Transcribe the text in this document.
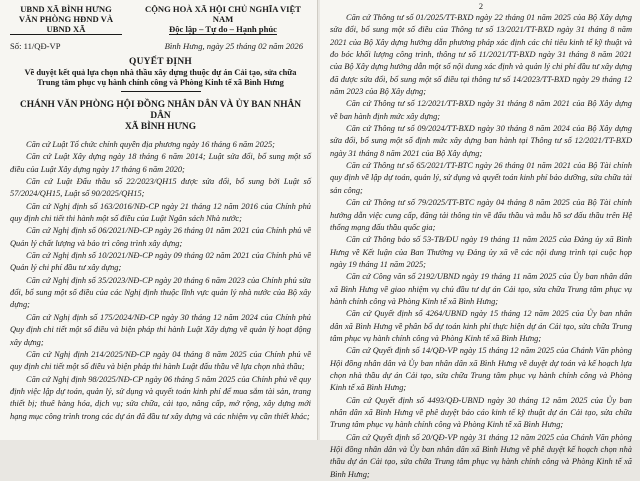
UBND XÃ BÌNH HƯNG
VĂN PHÒNG HĐND VÀ UBND XÃ
CỘNG HOÀ XÃ HỘI CHỦ NGHĨA VIỆT NAM
Độc lập – Tự do – Hạnh phúc
Số: 11/QĐ-VP	Bình Hưng, ngày 25 tháng 02 năm 2026
QUYẾT ĐỊNH
Về duyệt kết quả lựa chọn nhà thầu xây dựng thuộc dự án Cải tạo, sửa chữa
Trung tâm phục vụ hành chính công và Phòng Kinh tế xã Bình Hưng
CHÁNH VĂN PHÒNG HỘI ĐỒNG NHÂN DÂN VÀ ỦY BAN NHÂN DÂN
XÃ BÌNH HƯNG

Căn cứ Luật Tổ chức chính quyền địa phương ngày 16 tháng 6 năm 2025;

Căn cứ Luật Xây dựng ngày 18 tháng 6 năm 2014; Luật sửa đổi, bổ sung một số điều của Luật Xây dựng ngày 17 tháng 6 năm 2020;

Căn cứ Luật Đấu thầu số 22/2023/QH15 được sửa đổi, bổ sung bởi Luật số 57/2024/QH15, Luật số 90/2025/QH15;

Căn cứ Nghị định số 163/2016/NĐ-CP ngày 21 tháng 12 năm 2016 của Chính phủ quy định chi tiết thi hành một số điều của Luật Ngân sách Nhà nước;

Căn cứ Nghị định số 06/2021/NĐ-CP ngày 26 tháng 01 năm 2021 của Chính phủ về Quản lý chất lượng và bảo trì công trình xây dựng;

Căn cứ Nghị định số 10/2021/NĐ-CP ngày 09 tháng 02 năm 2021 của Chính phủ về Quản lý chi phí đầu tư xây dựng;

Căn cứ Nghị định số 35/2023/NĐ-CP ngày 20 tháng 6 năm 2023 của Chính phủ sửa đổi, bổ sung một số điều của các Nghị định thuộc lĩnh vực quản lý nhà nước của Bộ xây dựng;

Căn cứ Nghị định số 175/2024/NĐ-CP ngày 30 tháng 12 năm 2024 của Chính phủ Quy định chi tiết một số điều và biện pháp thi hành Luật Xây dựng về quản lý hoạt động xây dựng;

Căn cứ Nghị định 214/2025/NĐ-CP ngày 04 tháng 8 năm 2025 của Chính phủ về quy định chi tiết một số điều và biện pháp thi hành Luật đấu thầu về lựa chọn nhà thầu;

Căn cứ Nghị định 98/2025/NĐ-CP ngày 06 tháng 5 năm 2025 của Chính phủ về quy định việc lập dự toán, quản lý, sử dụng và quyết toán kinh phí để mua sắm tài sản, trang thiết bị; thuê hàng hóa, dịch vụ; sửa chữa, cải tạo, nâng cấp, mở rộng, xây dựng mới hạng mục công trình trong các dự án đã đầu tư xây dựng và các nhiệm vụ cần thiết khác;

2

Căn cứ Thông tư số 01/2025/TT-BXD ngày 22 tháng 01 năm 2025 của Bộ Xây dựng sửa đổi, bổ sung một số điều của Thông tư số 13/2021/TT-BXD ngày 31 tháng 8 năm 2021 của Bộ Xây dựng hướng dẫn phương pháp xác định các chỉ tiêu kinh tế kỹ thuật và đo bóc khối lượng công trình, thông tư số 11/2021/TT-BXD ngày 31 tháng 8 năm 2021 của Bộ Xây dựng hướng dẫn một số nội dung xác định và quản lý chi phí đầu tư xây dựng đã được sửa đổi, bổ sung một số điều tại thông tư số 14/2023/TT-BXD ngày 29 tháng 12 năm 2023 của Bộ Xây dựng;

Căn cứ Thông tư số 12/2021/TT-BXD ngày 31 tháng 8 năm 2021 của Bộ Xây dựng về ban hành định mức xây dựng;

Căn cứ Thông tư số 09/2024/TT-BXD ngày 30 tháng 8 năm 2024 của Bộ Xây dựng sửa đổi, bổ sung một số định mức xây dựng ban hành tại Thông tư số 12/2021/TT-BXD ngày 31 tháng 8 năm 2021 của Bộ Xây dựng;

Căn cứ Thông tư số 65/2021/TT-BTC ngày 26 tháng 01 năm 2021 của Bộ Tài chính quy định về lập dự toán, quản lý, sử dụng và quyết toán kinh phí bảo dưỡng, sửa chữa tài sản công;

Căn cứ Thông tư số 79/2025/TT-BTC ngày 04 tháng 8 năm 2025 của Bộ Tài chính hướng dẫn việc cung cấp, đăng tải thông tin về đấu thầu và mẫu hồ sơ đấu thầu trên Hệ thống mạng đấu thầu quốc gia;

Căn cứ Thông báo số 53-TB/ĐU ngày 19 tháng 11 năm 2025 của Đảng ủy xã Bình Hưng về Kết luận của Ban Thường vụ Đảng ủy xã về các nội dung trình tại cuộc họp ngày 19 tháng 11 năm 2025;

Căn cứ Công văn số 2192/UBND ngày 19 tháng 11 năm 2025 của Ủy ban nhân dân xã Bình Hưng về giao nhiệm vụ chủ đầu tư dự án Cải tạo, sửa chữa Trung tâm phục vụ hành chính công và Phòng Kinh tế xã Bình Hưng;

Căn cứ Quyết định số 4264/UBND ngày 15 tháng 12 năm 2025 của Ủy ban nhân dân xã Bình Hưng về phân bổ dự toán kinh phí thực hiện dự án Cải tạo, sửa chữa Trung tâm phục vụ hành chính công và Phòng Kinh tế xã Bình Hưng;

Căn cứ Quyết định số 14/QĐ-VP ngày 15 tháng 12 năm 2025 của Chánh Văn phòng Hội đồng nhân dân và Ủy ban nhân dân xã Bình Hưng về duyệt dự toán và kế hoạch lựa chọn nhà thầu dự án Cải tạo, sửa chữa Trung tâm phục vụ hành chính công và Phòng Kinh tế xã Bình Hưng;

Căn cứ Quyết định số 4493/QĐ-UBND ngày 30 tháng 12 năm 2025 của Ủy ban nhân dân xã Bình Hưng về phê duyệt báo cáo kinh tế kỹ thuật dự án Cải tạo, sửa chữa Trung tâm phục vụ hành chính công và Phòng Kinh tế xã Bình Hưng;

Căn cứ Quyết định số 20/QĐ-VP ngày 31 tháng 12 năm 2025 của Chánh Văn phòng Hội đồng nhân dân và Ủy ban nhân dân xã Bình Hưng về phê duyệt kế hoạch chọn nhà thầu dự án Cải tạo, sửa chữa Trung tâm phục vụ hành chính công và Phòng Kinh tế xã Bình Hưng;
